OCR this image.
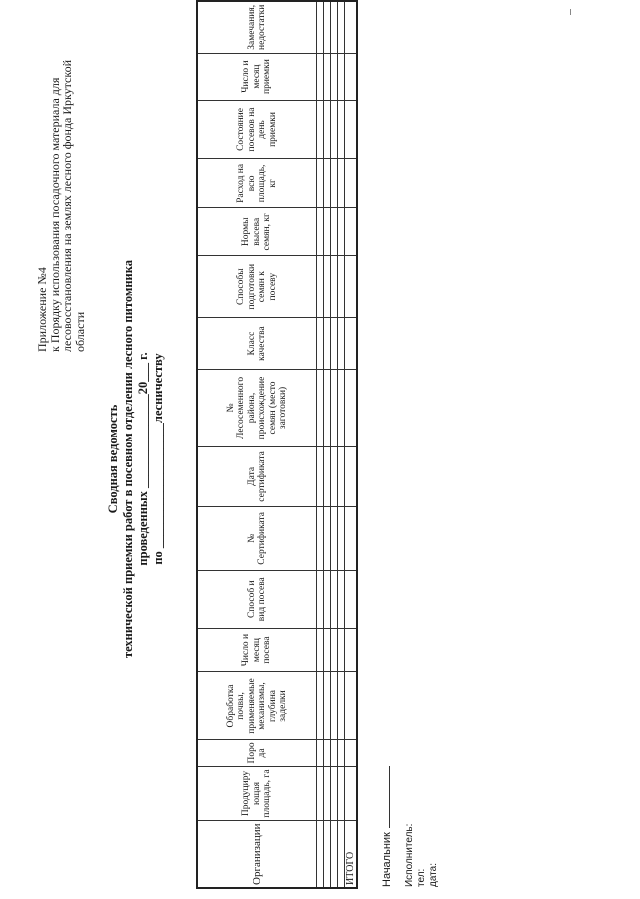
Приложение №4
к Порядку использования посадочного материала для
лесовосстановления на землях лесного фонда Иркутской
области
Сводная ведомость технической приемки работ в посевном отделении лесного питомника проведенных _______________20___ г. по ____________________лесничеству
Организации	Продуциру ющая площадь, га	Поро да	Обработка почвы, применяемые механизмы, глубина заделки	Число и месяц посева	Способ и вид посева	№ Сертификата	Дата сертификата	№ Лесосеменного района, происхождение семян (место заготовки)	Класс качества	Способы подготовки семян к посеву	Нормы высева семян, кг	Расход на всю площадь, кг	Состояние посевов на день приемки	Число и месяц приемки	Замечания, недостатки

ИТОГО															Начальник Исполнитель: тел: дата:
